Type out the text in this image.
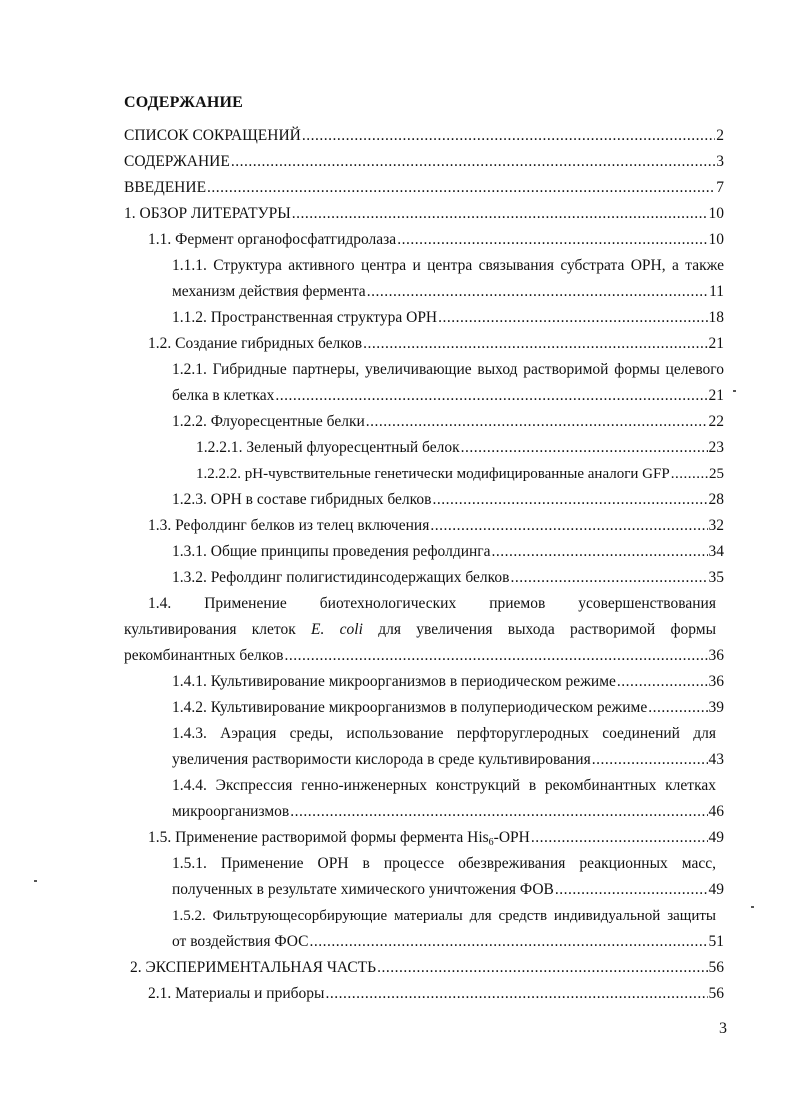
СОДЕРЖАНИЕ
СПИСОК СОКРАЩЕНИЙ .....	2
СОДЕРЖАНИЕ .....	3
ВВЕДЕНИЕ .....	7
1. ОБЗОР ЛИТЕРАТУРЫ .....	10
1.1. Фермент органофосфатгидролаза .....	10
1.1.1. Структура активного центра и центра связывания субстрата OPH, а также
механизм действия фермента .....	11
1.1.2. Пространственная структура OPH .....	18
1.2. Создание гибридных белков .....	21
1.2.1. Гибридные партнеры, увеличивающие выход растворимой формы целевого
белка в клетках .....	21
1.2.2. Флуоресцентные белки .....	22
1.2.2.1. Зеленый флуоресцентный белок .....	23
1.2.2.2. pH-чувствительные генетически модифицированные аналоги GFP .....	25
1.2.3. OPH в составе гибридных белков .....	28
1.3. Рефолдинг белков из телец включения .....	32
1.3.1. Общие принципы проведения рефолдинга .....	34
1.3.2. Рефолдинг полигистидинсодержащих белков .....	35
1.4. Применение биотехнологических приемов усовершенствования
культивирования клеток E. coli для увеличения выхода растворимой формы
рекомбинантных белков .....	36
1.4.1. Культивирование микроорганизмов в периодическом режиме .....	36
1.4.2. Культивирование микроорганизмов в полупериодическом режиме .....	39
1.4.3. Аэрация среды, использование перфторуглеродных соединений для
увеличения растворимости кислорода в среде культивирования .....	43
1.4.4. Экспрессия генно-инженерных конструкций в рекомбинантных клетках
микроорганизмов .....	46
1.5. Применение растворимой формы фермента His$_6$-OPH .....	49
1.5.1. Применение OPH в процессе обезвреживания реакционных масс,
полученных в результате химического уничтожения ФОВ .....	49
1.5.2. Фильтрующесорбирующие материалы для средств индивидуальной защиты
от воздействия ФОС .....	51
2. ЭКСПЕРИМЕНТАЛЬНАЯ ЧАСТЬ .....	56
2.1. Материалы и приборы .....	56
3
